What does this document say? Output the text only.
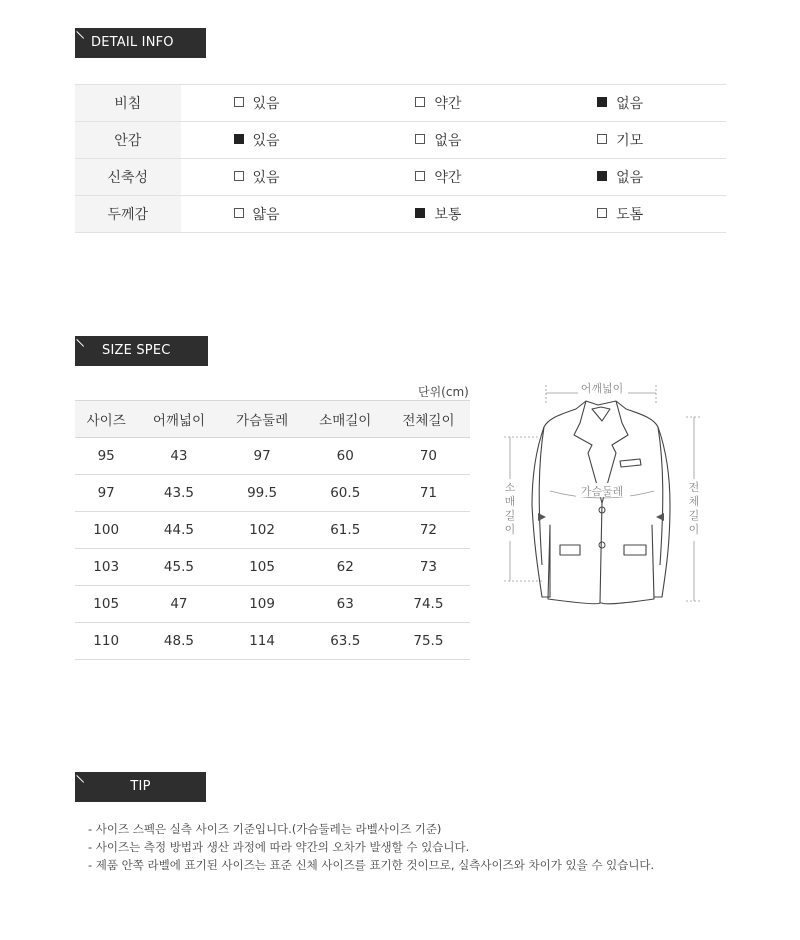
DETAIL INFO
비침	있음	약간	없음
안감	있음	없음	기모
신축성	있음	약간	없음
두께감	얇음	보통	도톰
SIZE SPEC
단위(cm)
사이즈	어깨넓이	가슴둘레	소매길이	전체길이
95	43	97	60	70
97	43.5	99.5	60.5	71
100	44.5	102	61.5	72
103	45.5	105	62	73
105	47	109	63	74.5
110	48.5	114	63.5	75.5
어깨넓이
가슴둘레
소
매
길
이
전
체
길
이
TIP
- 사이즈 스펙은 실측 사이즈 기준입니다.(가슴둘레는 라벨사이즈 기준)
- 사이즈는 측정 방법과 생산 과정에 따라 약간의 오차가 발생할 수 있습니다.
- 제품 안쪽 라벨에 표기된 사이즈는 표준 신체 사이즈를 표기한 것이므로, 실측사이즈와 차이가 있을 수 있습니다.
